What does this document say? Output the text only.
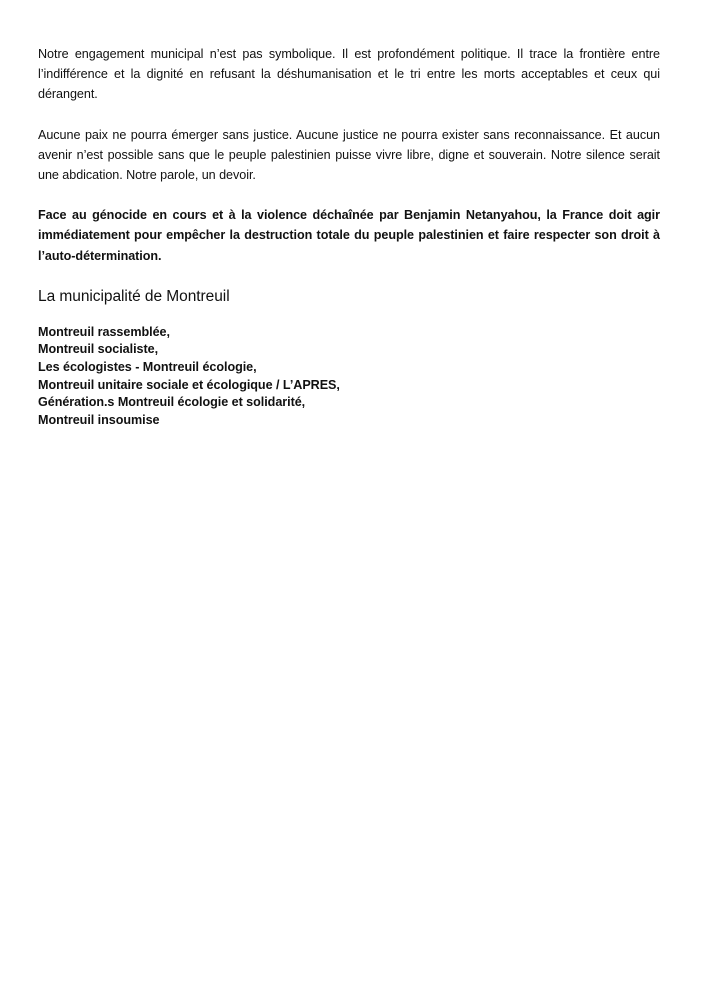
Notre engagement municipal n’est pas symbolique. Il est profondément politique. Il trace la frontière entre l’indifférence et la dignité en refusant la déshumanisation et le tri entre les morts acceptables et ceux qui dérangent.

Aucune paix ne pourra émerger sans justice. Aucune justice ne pourra exister sans reconnaissance. Et aucun avenir n’est possible sans que le peuple palestinien puisse vivre libre, digne et souverain. Notre silence serait une abdication. Notre parole, un devoir.

Face au génocide en cours et à la violence déchaînée par Benjamin Netanyahou, la France doit agir immédiatement pour empêcher la destruction totale du peuple palestinien et faire respecter son droit à l’auto-détermination.

La municipalité de Montreuil
Montreuil rassemblée,
Montreuil socialiste,
Les écologistes - Montreuil écologie,
Montreuil unitaire sociale et écologique / L’APRES,
Génération.s Montreuil écologie et solidarité,
Montreuil insoumise
